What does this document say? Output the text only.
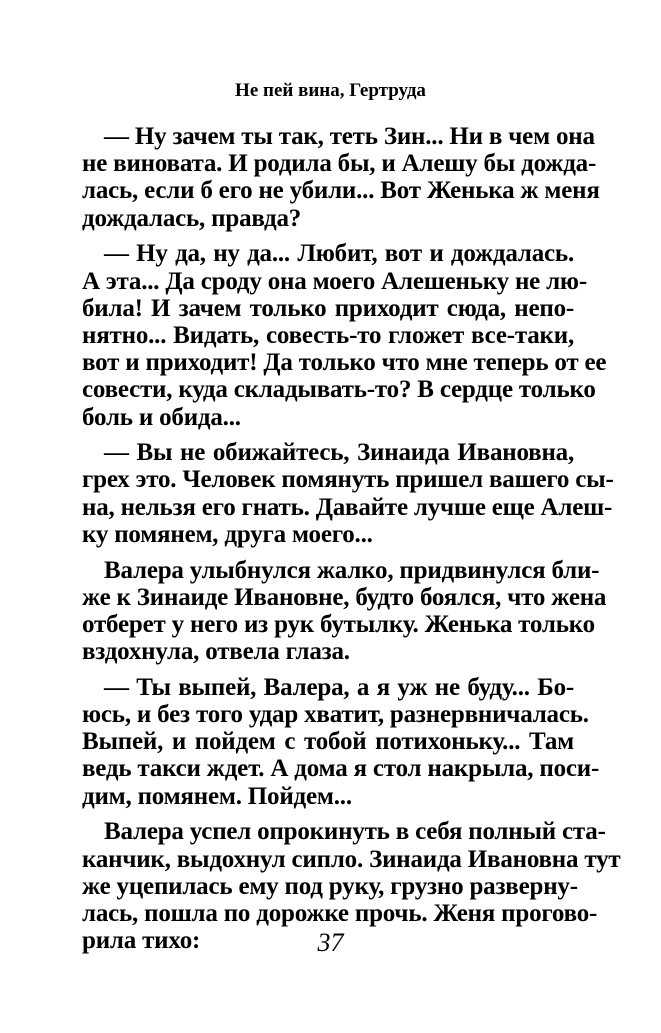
Не пей вина, Гертруда

— Ну зачем ты так, теть Зин... Ни в чем она
не виновата. И родила бы, и Алешу бы дожда-
лась, если б его не убили... Вот Женька ж меня
дождалась, правда?

— Ну да, ну да... Любит, вот и дождалась.
А эта... Да сроду она моего Алешеньку не лю-
била! И зачем только приходит сюда, непо-
нятно... Видать, совесть-то гложет все-таки,
вот и приходит! Да только что мне теперь от ее
совести, куда складывать-то? В сердце только
боль и обида...

— Вы не обижайтесь, Зинаида Ивановна,
грех это. Человек помянуть пришел вашего сы-
на, нельзя его гнать. Давайте лучше еще Алеш-
ку помянем, друга моего...

Валера улыбнулся жалко, придвинулся бли-
же к Зинаиде Ивановне, будто боялся, что жена
отберет у него из рук бутылку. Женька только
вздохнула, отвела глаза.

— Ты выпей, Валера, а я уж не буду... Бо-
юсь, и без того удар хватит, разнервничалась.
Выпей, и пойдем с тобой потихоньку... Там
ведь такси ждет. А дома я стол накрыла, поси-
дим, помянем. Пойдем...

Валера успел опрокинуть в себя полный ста-
канчик, выдохнул сипло. Зинаида Ивановна тут
же уцепилась ему под руку, грузно разверну-
лась, пошла по дорожке прочь. Женя прогово-
рила тихо:	37
